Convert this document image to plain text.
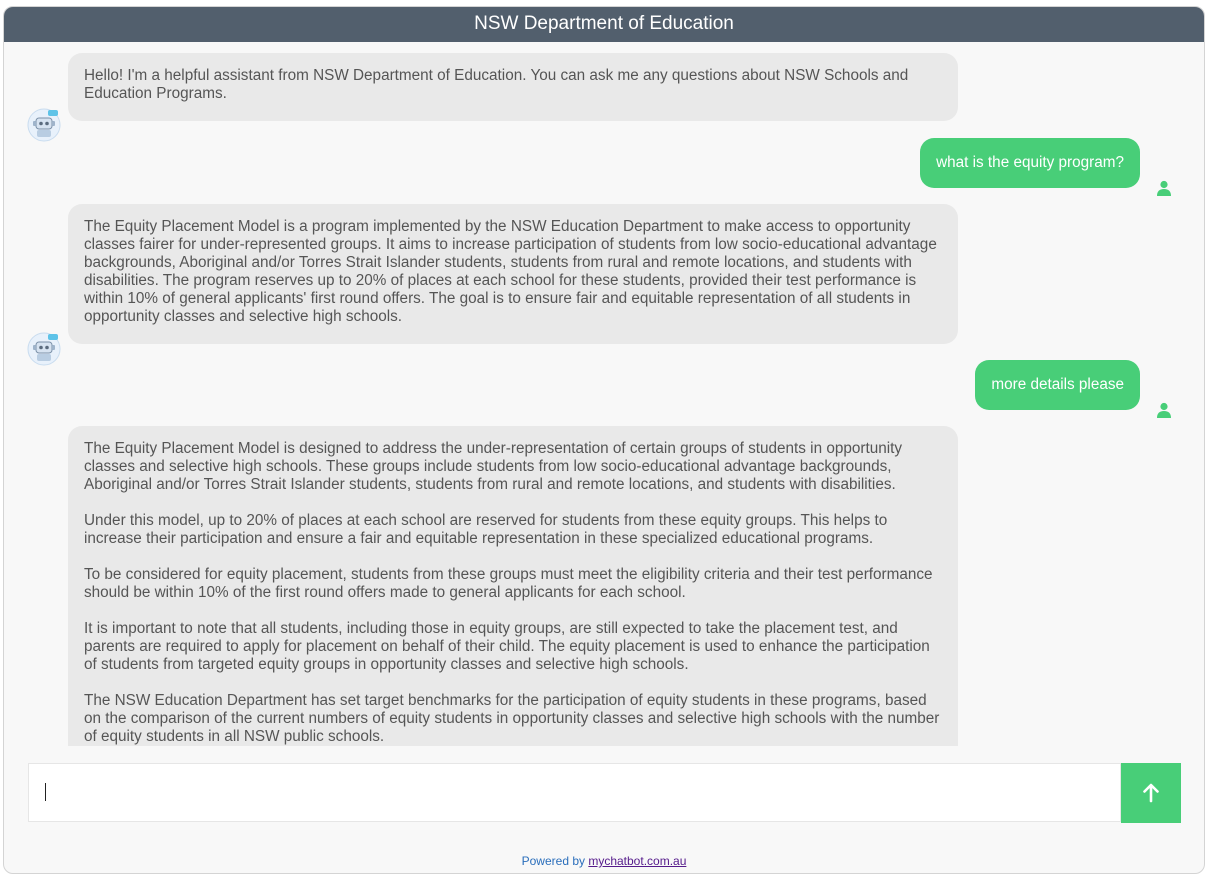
NSW Department of Education

Hello! I'm a helpful assistant from NSW Department of Education. You can ask me any questions about NSW Schools and Education Programs.

what is the equity program?

The Equity Placement Model is a program implemented by the NSW Education Department to make access to opportunity classes fairer for under-represented groups. It aims to increase participation of students from low socio-educational advantage backgrounds, Aboriginal and/or Torres Strait Islander students, students from rural and remote locations, and students with disabilities. The program reserves up to 20% of places at each school for these students, provided their test performance is within 10% of general applicants' first round offers. The goal is to ensure fair and equitable representation of all students in opportunity classes and selective high schools.

more details please

The Equity Placement Model is designed to address the under-representation of certain groups of students in opportunity classes and selective high schools. These groups include students from low socio-educational advantage backgrounds, Aboriginal and/or Torres Strait Islander students, students from rural and remote locations, and students with disabilities.

Under this model, up to 20% of places at each school are reserved for students from these equity groups. This helps to increase their participation and ensure a fair and equitable representation in these specialized educational programs.

To be considered for equity placement, students from these groups must meet the eligibility criteria and their test performance should be within 10% of the first round offers made to general applicants for each school.

It is important to note that all students, including those in equity groups, are still expected to take the placement test, and parents are required to apply for placement on behalf of their child. The equity placement is used to enhance the participation of students from targeted equity groups in opportunity classes and selective high schools.

The NSW Education Department has set target benchmarks for the participation of equity students in these programs, based on the comparison of the current numbers of equity students in opportunity classes and selective high schools with the number of equity students in all NSW public schools.

Powered by mychatbot.com.au
